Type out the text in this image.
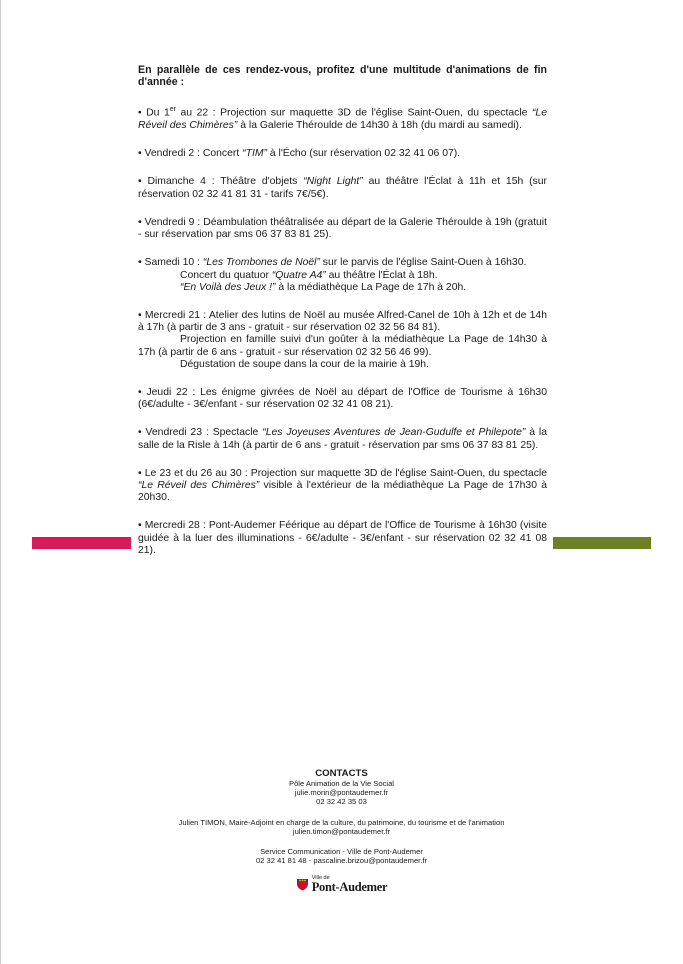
En parallèle de ces rendez-vous, profitez d'une multitude d'animations de fin d'année :

• Du 1er au 22 : Projection sur maquette 3D de l'église Saint-Ouen, du spectacle “Le Réveil des Chimères” à la Galerie Théroulde de 14h30 à 18h (du mardi au samedi).

• Vendredi 2 : Concert “TIM” à l'Écho (sur réservation 02 32 41 06 07).

• Dimanche 4 : Théâtre d'objets “Night Light” au théâtre l'Éclat à 11h et 15h (sur réservation 02 32 41 81 31 - tarifs 7€/5€).

• Vendredi 9 : Déambulation théâtralisée au départ de la Galerie Théroulde à 19h (gratuit - sur réservation par sms 06 37 83 81 25).

• Samedi 10 : “Les Trombones de Noël” sur le parvis de l'église Saint-Ouen à 16h30.

Concert du quatuor “Quatre A4” au théâtre l'Éclat à 18h.

“En Voilà des Jeux !” à la médiathèque La Page de 17h à 20h.

• Mercredi 21 : Atelier des lutins de Noël au musée Alfred-Canel de 10h à 12h et de 14h à 17h (à partir de 3 ans - gratuit - sur réservation 02 32 56 84 81).

Projection en famille suivi d'un goûter à la médiathèque La Page de 14h30 à 17h (à partir de 6 ans - gratuit - sur réservation 02 32 56 46 99).

Dégustation de soupe dans la cour de la mairie à 19h.

• Jeudi 22 : Les énigme givrées de Noël au départ de l'Office de Tourisme à 16h30 (6€/adulte - 3€/enfant - sur réservation 02 32 41 08 21).

• Vendredi 23 : Spectacle “Les Joyeuses Aventures de Jean-Gudulfe et Philepote” à la salle de la Risle à 14h (à partir de 6 ans - gratuit - réservation par sms 06 37 83 81 25).

• Le 23 et du 26 au 30 : Projection sur maquette 3D de l'église Saint-Ouen, du spectacle “Le Réveil des Chimères” visible à l'extérieur de la médiathèque La Page de 17h30 à 20h30.

• Mercredi 28 : Pont-Audemer Féérique au départ de l'Office de Tourisme à 16h30 (visite guidée à la luer des illuminations - 6€/adulte - 3€/enfant - sur réservation 02 32 41 08 21).

CONTACTS
Pôle Animation de la Vie Social
julie.morin@pontaudemer.fr
02 32 42 35 03
Julien TIMON, Maire-Adjoint en charge de la culture, du patrimoine, du tourisme et de l'animation
julien.timon@pontaudemer.fr
Service Communication - Ville de Pont-Audemer
02 32 41 81 48 - pascaline.brizou@pontaudemer.fr
Ville de
Pont-Audemer
